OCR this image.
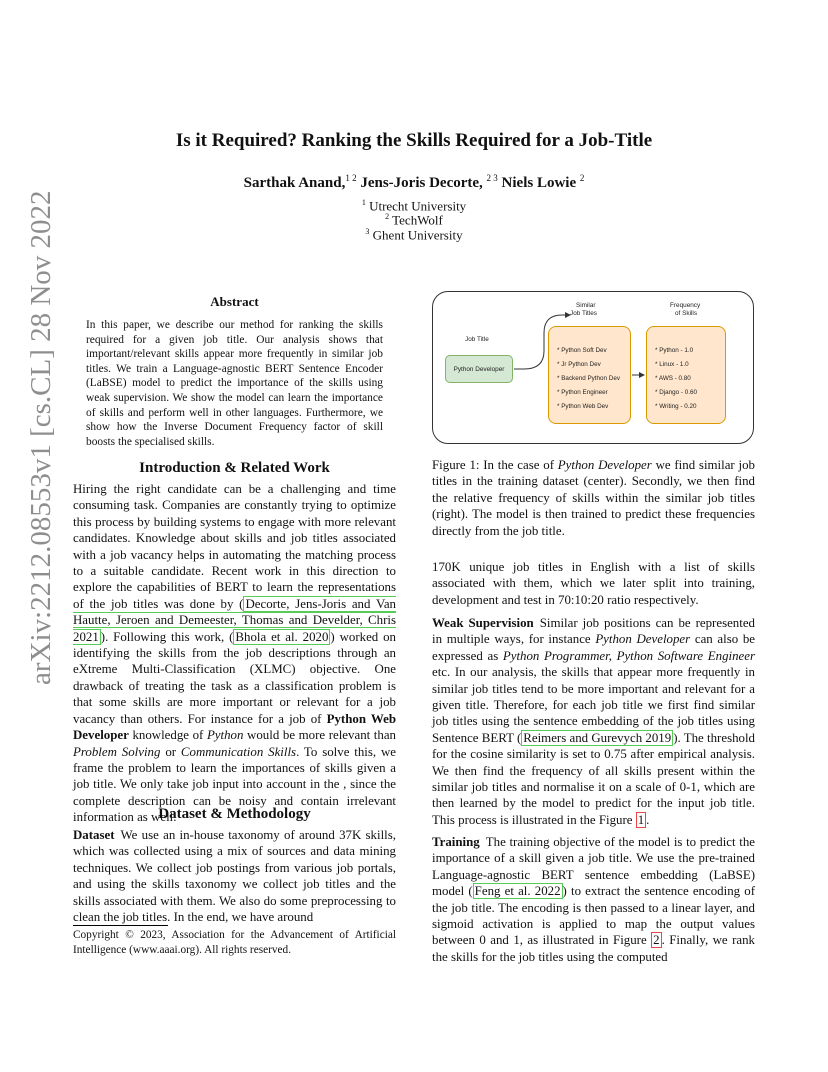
arXiv:2212.08553v1 [cs.CL] 28 Nov 2022
Is it Required? Ranking the Skills Required for a Job-Title
Sarthak Anand,$^{1 2}$ Jens-Joris Decorte, $^{2 3}$ Niels Lowie $^2$
$^1$ Utrecht University
$^2$ TechWolf
$^3$ Ghent University
Abstract
In this paper, we describe our method for ranking the skills required for a given job title. Our analysis shows that important/relevant skills appear more frequently in similar job titles. We train a Language-agnostic BERT Sentence Encoder (LaBSE) model to predict the importance of the skills using weak supervision. We show the model can learn the importance of skills and perform well in other languages. Furthermore, we show how the Inverse Document Frequency factor of skill boosts the specialised skills.
Introduction & Related Work

Hiring the right candidate can be a challenging and time consuming task. Companies are constantly trying to optimize this process by building systems to engage with more relevant candidates. Knowledge about skills and job titles associated with a job vacancy helps in automating the matching process to a suitable candidate. Recent work in this direction to explore the capabilities of BERT to learn the representations of the job titles was done by ( Decorte, Jens-Joris and Van Hautte, Jeroen and Demeester, Thomas and Develder, Chris 2021 ). Following this work, ( Bhola et al. 2020 ) worked on identifying the skills from the job descriptions through an eXtreme Multi-Classification (XLMC) objective. One drawback of treating the task as a classification problem is that some skills are more important or relevant for a job vacancy than others. For instance for a job of Python Web Developer knowledge of Python would be more relevant than Problem Solving or Communication Skills. To solve this, we frame the problem to learn the importances of skills given a job title. We only take job input into account in the , since the complete description can be noisy and contain irrelevant information as well.

Dataset & Methodology

Dataset We use an in-house taxonomy of around 37K skills, which was collected using a mix of sources and data mining techniques. We collect job postings from various job portals, and using the skills taxonomy we collect job titles and the skills associated with them. We also do some preprocessing to clean the job titles. In the end, we have around

Copyright © 2023, Association for the Advancement of Artificial Intelligence (www.aaai.org). All rights reserved.
Job Title
Python Developer
Similar
Job Titles
Frequency
of Skills
* Python Soft Dev
* Jr Python Dev
* Backend Python Dev
* Python Engineer
* Python Web Dev
* Python - 1.0
* Linux - 1.0
* AWS - 0.80
* Django - 0.60
* Writing - 0.20

Figure 1: In the case of Python Developer we find similar job titles in the training dataset (center). Secondly, we then find the relative frequency of skills within the similar job titles (right). The model is then trained to predict these frequencies directly from the job title.

170K unique job titles in English with a list of skills associated with them, which we later split into training, development and test in 70:10:20 ratio respectively.

Weak Supervision Similar job positions can be represented in multiple ways, for instance Python Developer can also be expressed as Python Programmer, Python Software Engineer etc. In our analysis, the skills that appear more frequently in similar job titles tend to be more important and relevant for a given title. Therefore, for each job title we first find similar job titles using the sentence embedding of the job titles using Sentence BERT ( Reimers and Gurevych 2019 ). The threshold for the cosine similarity is set to 0.75 after empirical analysis. We then find the frequency of all skills present within the similar job titles and normalise it on a scale of 0-1, which are then learned by the model to predict for the input job title. This process is illustrated in the Figure 1 .

Training The training objective of the model is to predict the importance of a skill given a job title. We use the pre-trained Language-agnostic BERT sentence embedding (LaBSE) model ( Feng et al. 2022 ) to extract the sentence encoding of the job title. The encoding is then passed to a linear layer, and sigmoid activation is applied to map the output values between 0 and 1, as illustrated in Figure 2 . Finally, we rank the skills for the job titles using the computed
